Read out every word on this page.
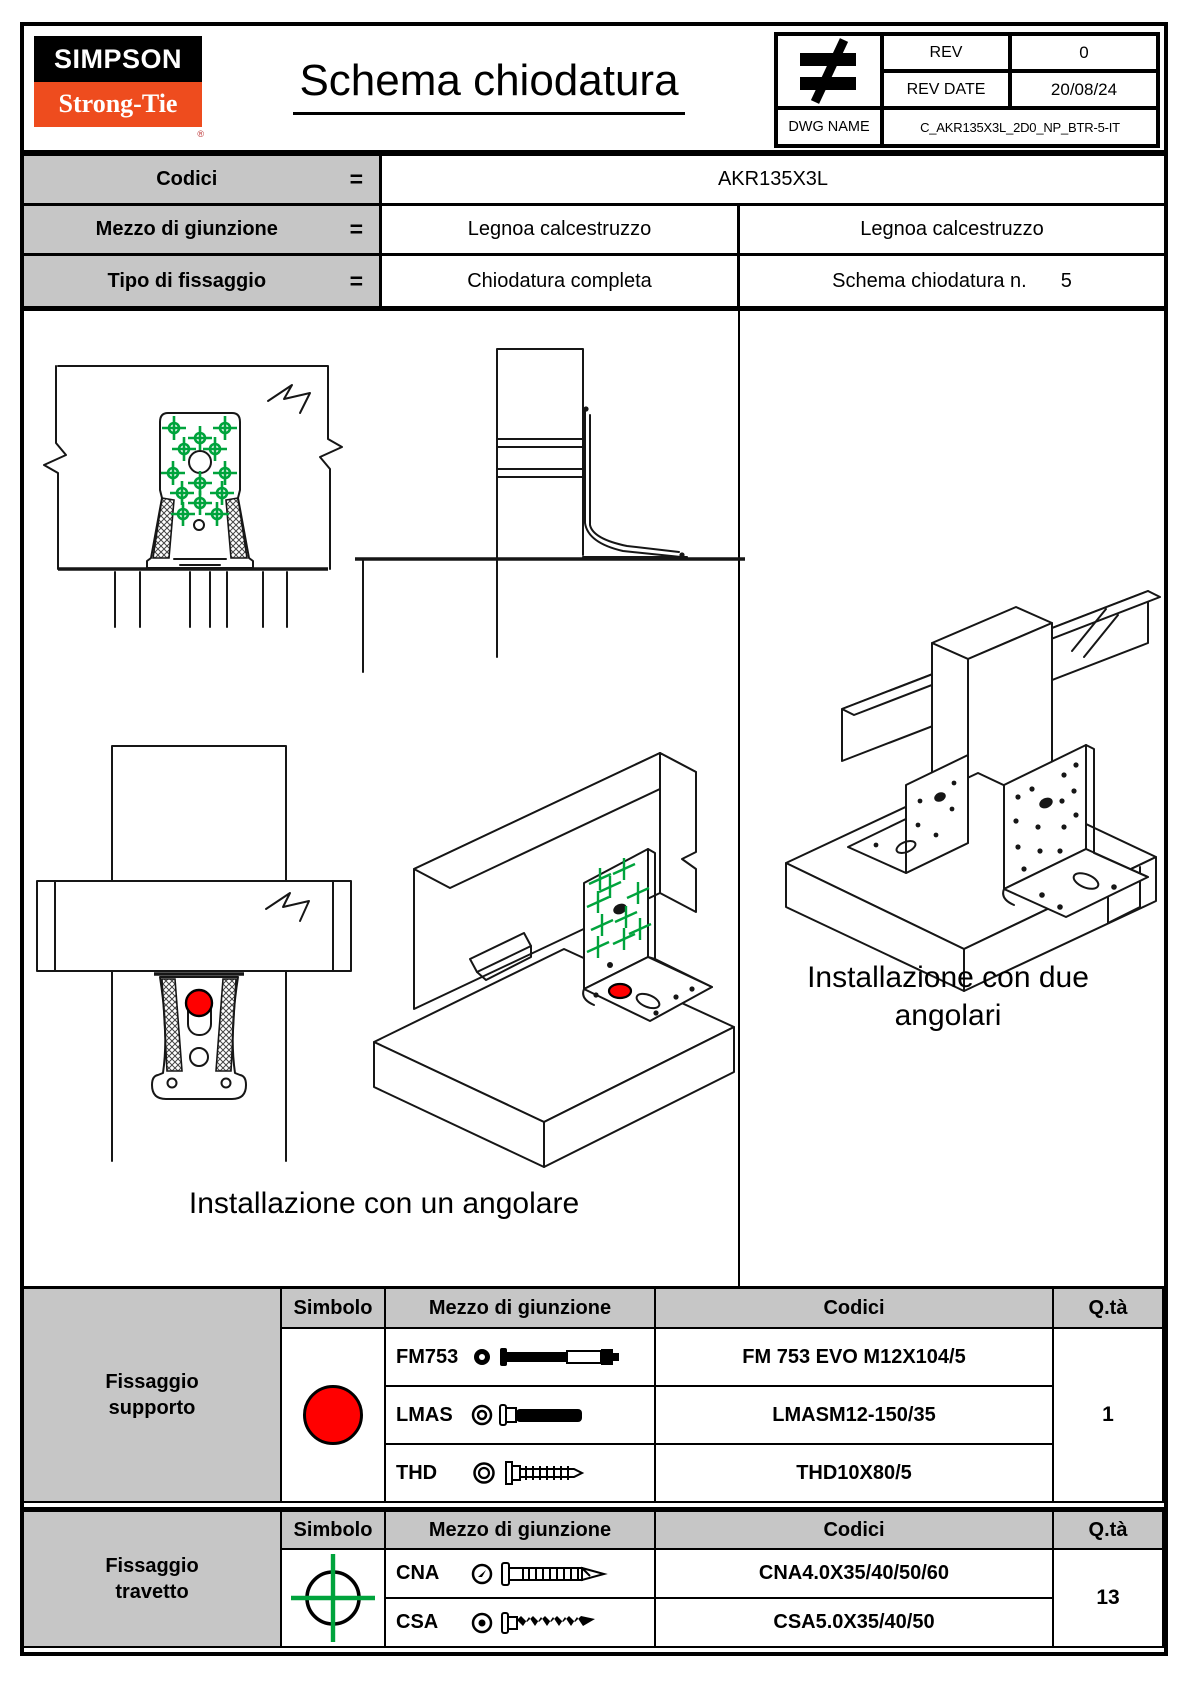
SIMPSON
Strong-Tie
®
Schema chiodatura
REV	0
REV DATE	20/08/24
DWG NAME	C_AKR135X3L_2D0_NP_BTR-5-IT
Codici	=	AKR135X3L
Mezzo di giunzione	=	Legnoa calcestruzzo	Legnoa calcestruzzo
Tipo di fissaggio	=	Chiodatura completa	Schema chiodatura n. 5
Installazione con un angolare
Installazione con due
angolari
Fissaggio
supporto
Simbolo	Mezzo di giunzione	Codici	Q.tà
FM753	FM 753 EVO M12X104/5
LMAS	LMASM12-150/35
THD	THD10X80/5
1
Fissaggio
travetto
Simbolo	Mezzo di giunzione	Codici	Q.tà
CNA	CNA4.0X35/40/50/60
CSA	CSA5.0X35/40/50
13
